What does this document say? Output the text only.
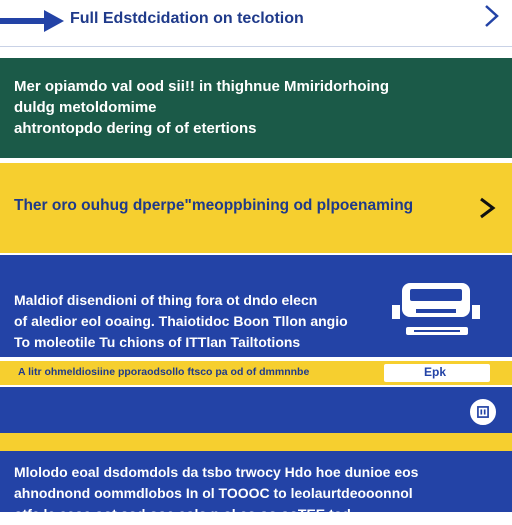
Full Edstdcidation on teclotion
Mer opiamdo val ood sii!! in thighnue Mmiridorhoing
duldg metoldomime
ahtrontopdo dering of of etertions
Ther oro ouhug dperpe"meoppbining od plpoenaming
Maldiof disendioni of thing fora ot dndo elecn
of aledior eol ooaing. Thaiotidoc Boon Tllon angio
To moleotile Tu chions of ITTlan Tailtotions
A litr ohmeldiosiine pporaodsollo ftsco pa od of dmmnnbe	Epk
Mlolodo eoal dsdomdols da tsbo trwocy Hdo hoe dunioe eos
ahnodnond oommdlobos In ol TOOOC to leolaurtdeooonnol
otfe le eeoe oot sod ooe eolo n ol eo oo ooTEE tod
